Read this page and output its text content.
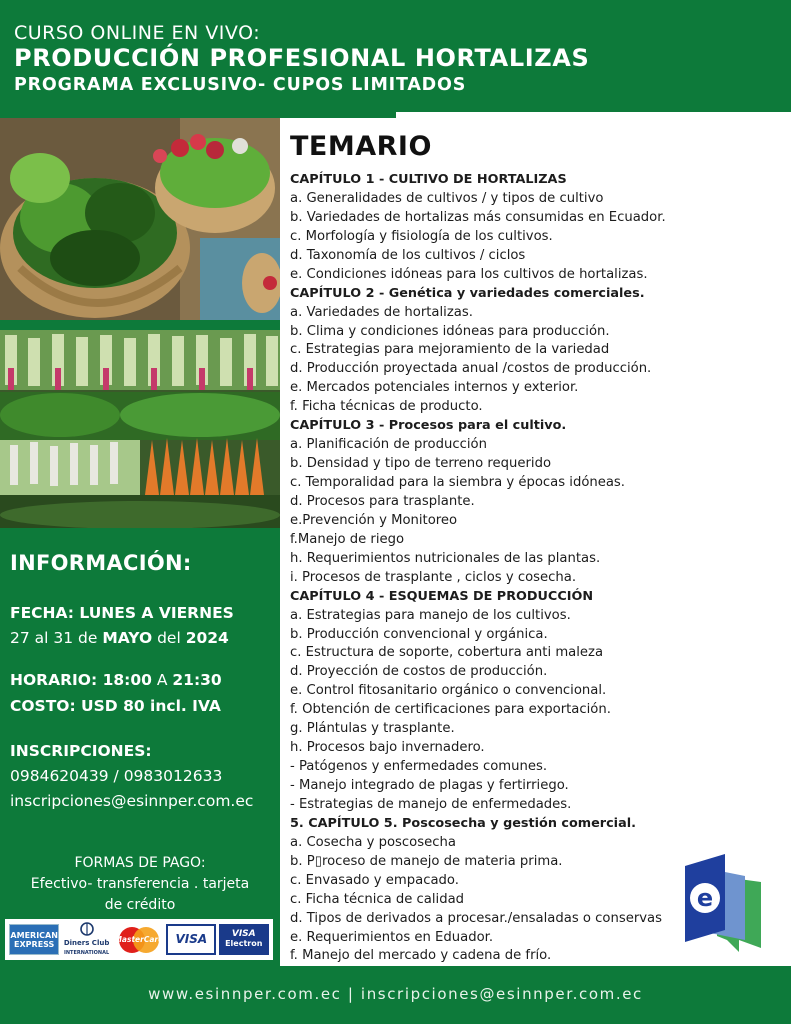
CURSO ONLINE EN VIVO:
PRODUCCIÓN PROFESIONAL HORTALIZAS
PROGRAMA EXCLUSIVO- CUPOS LIMITADOS
INFORMACIÓN:
FECHA: LUNES A VIERNES
27 al 31 de MAYO del 2024
HORARIO: 18:00 A 21:30
COSTO: USD 80 incl. IVA
INSCRIPCIONES:
0984620439 / 0983012633
inscripciones@esinnper.com.ec
FORMAS DE PAGO:
Efectivo- transferencia . tarjeta
de crédito
AMERICAN
EXPRESS	Diners Club
INTERNATIONAL
MasterCard VISA	VISA
Electron
TEMARIO
CAPÍTULO 1 - CULTIVO DE HORTALIZAS
a. Generalidades de cultivos / y tipos de cultivo
b. Variedades de hortalizas más consumidas en Ecuador.
c. Morfología y fisiología de los cultivos.
d. Taxonomía de los cultivos / ciclos
e. Condiciones idóneas para los cultivos de hortalizas.
CAPÍTULO 2 - Genética y variedades comerciales.
a. Variedades de hortalizas.
b. Clima y condiciones idóneas para producción.
c. Estrategias para mejoramiento de la variedad
d. Producción proyectada anual /costos de producción.
e. Mercados potenciales internos y exterior.
f. Ficha técnicas de producto.
CAPÍTULO 3 - Procesos para el cultivo.
a. Planificación de producción
b. Densidad y tipo de terreno requerido
c. Temporalidad para la siembra y épocas idóneas.
d. Procesos para trasplante.
e.Prevención y Monitoreo
f.Manejo de riego
h. Requerimientos nutricionales de las plantas.
i. Procesos de trasplante , ciclos y cosecha.
CAPÍTULO 4 - ESQUEMAS DE PRODUCCIÓN
a. Estrategias para manejo de los cultivos.
b. Producción convencional y orgánica.
c. Estructura de soporte, cobertura anti maleza
d. Proyección de costos de producción.
e. Control fitosanitario orgánico o convencional.
f. Obtención de certificaciones para exportación.
g. Plántulas y trasplante.
h. Procesos bajo invernadero.
- Patógenos y enfermedades comunes.
- Manejo integrado de plagas y fertirriego.
- Estrategias de manejo de enfermedades.
5. CAPÍTULO 5. Poscosecha y gestión comercial.
a. Cosecha y poscosecha
b. P▯roceso de manejo de materia prima.
c. Envasado y empacado.
c. Ficha técnica de calidad
d. Tipos de derivados a procesar./ensaladas o conservas
e. Requerimientos en Eduador.
f. Manejo del mercado y cadena de frío.
e
www.esinnper.com.ec | inscripciones@esinnper.com.ec
